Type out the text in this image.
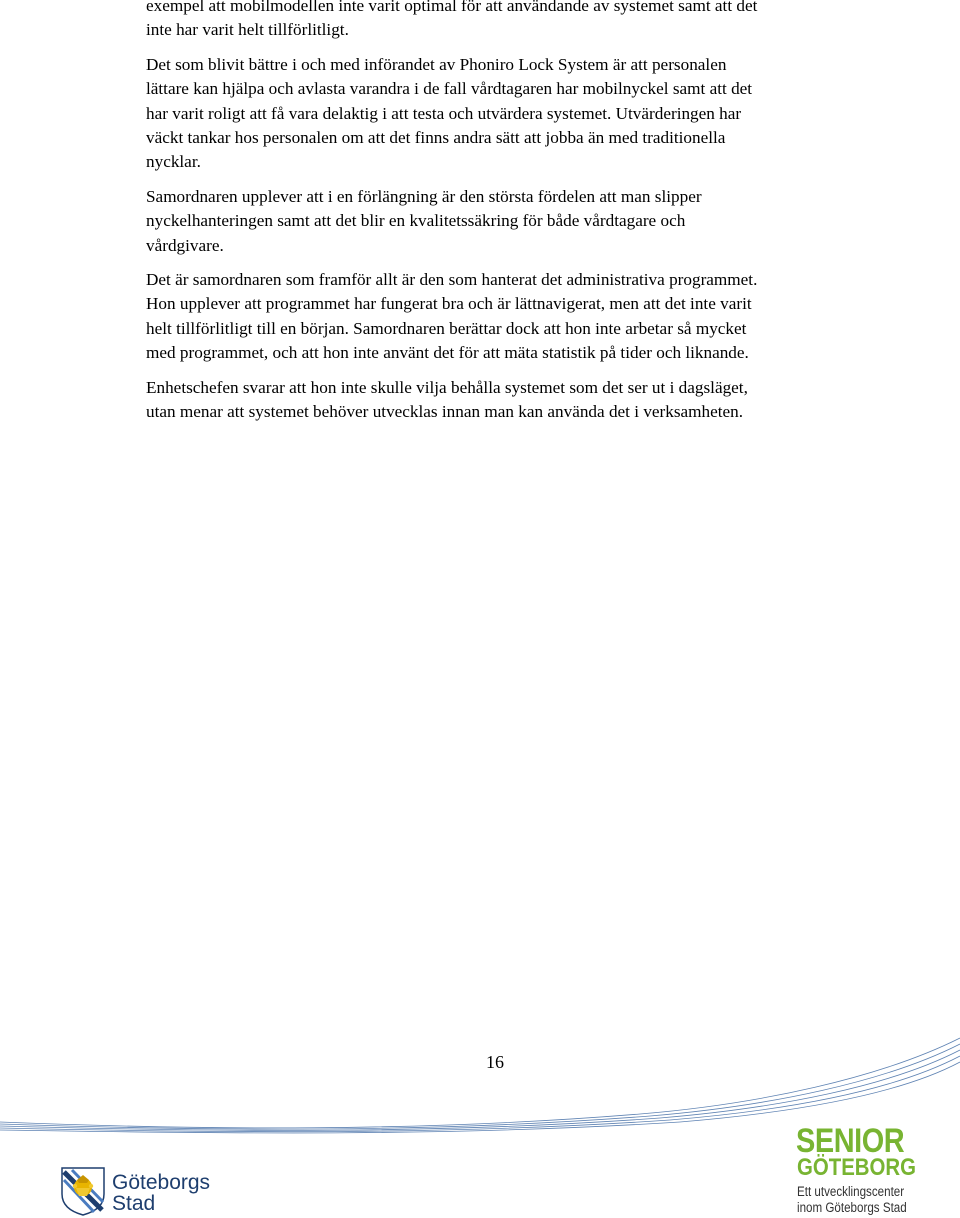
exempel att mobilmodellen inte varit optimal för att användande av systemet samt att det
inte har varit helt tillförlitligt.

Det som blivit bättre i och med införandet av Phoniro Lock System är att personalen
lättare kan hjälpa och avlasta varandra i de fall vårdtagaren har mobilnyckel samt att det
har varit roligt att få vara delaktig i att testa och utvärdera systemet. Utvärderingen har
väckt tankar hos personalen om att det finns andra sätt att jobba än med traditionella
nycklar.

Samordnaren upplever att i en förlängning är den största fördelen att man slipper
nyckelhanteringen samt att det blir en kvalitetssäkring för både vårdtagare och
vårdgivare.

Det är samordnaren som framför allt är den som hanterat det administrativa programmet.
Hon upplever att programmet har fungerat bra och är lättnavigerat, men att det inte varit
helt tillförlitligt till en början. Samordnaren berättar dock att hon inte arbetar så mycket
med programmet, och att hon inte använt det för att mäta statistik på tider och liknande.

Enhetschefen svarar att hon inte skulle vilja behålla systemet som det ser ut i dagsläget,
utan menar att systemet behöver utvecklas innan man kan använda det i verksamheten.

16
Göteborgs
Stad
SENIOR
GÖTEBORG
Ett utvecklingscenter
inom Göteborgs Stad
